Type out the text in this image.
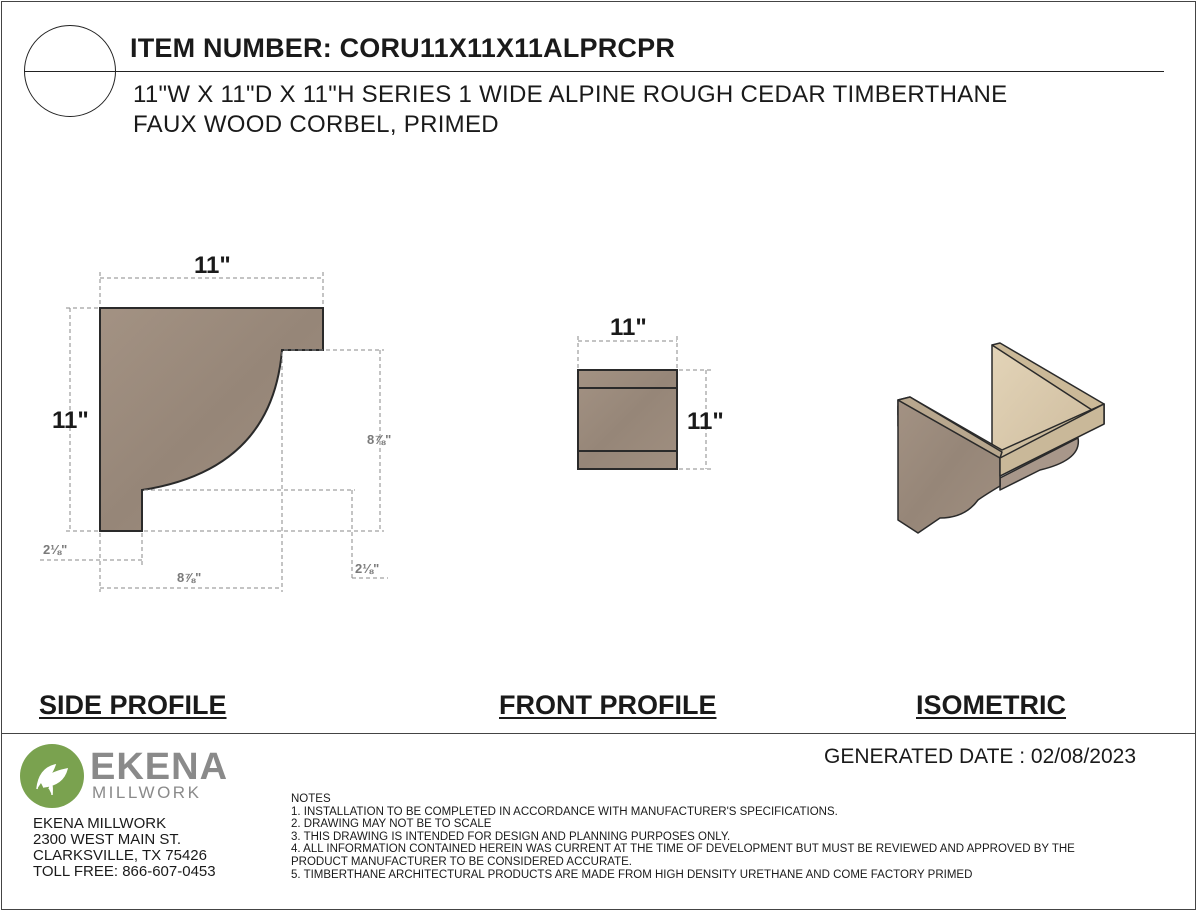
ITEM NUMBER: CORU11X11X11ALPRCPR
11"W X 11"D X 11"H SERIES 1 WIDE ALPINE ROUGH CEDAR TIMBERTHANE
FAUX WOOD CORBEL, PRIMED
11"
11"
8⅞"
8⅞"
2⅛"
2⅛"
11"
11"
SIDE PROFILE	FRONT PROFILE	ISOMETRIC
GENERATED DATE : 02/08/2023
EKENA
MILLWORK
EKENA MILLWORK
2300 WEST MAIN ST.
CLARKSVILLE, TX 75426
TOLL FREE: 866-607-0453
NOTES
1. INSTALLATION TO BE COMPLETED IN ACCORDANCE WITH MANUFACTURER'S SPECIFICATIONS.
2. DRAWING MAY NOT BE TO SCALE
3. THIS DRAWING IS INTENDED FOR DESIGN AND PLANNING PURPOSES ONLY.
4. ALL INFORMATION CONTAINED HEREIN WAS CURRENT AT THE TIME OF DEVELOPMENT BUT MUST BE REVIEWED AND APPROVED BY THE
PRODUCT MANUFACTURER TO BE CONSIDERED ACCURATE.
5. TIMBERTHANE ARCHITECTURAL PRODUCTS ARE MADE FROM HIGH DENSITY URETHANE AND COME FACTORY PRIMED
